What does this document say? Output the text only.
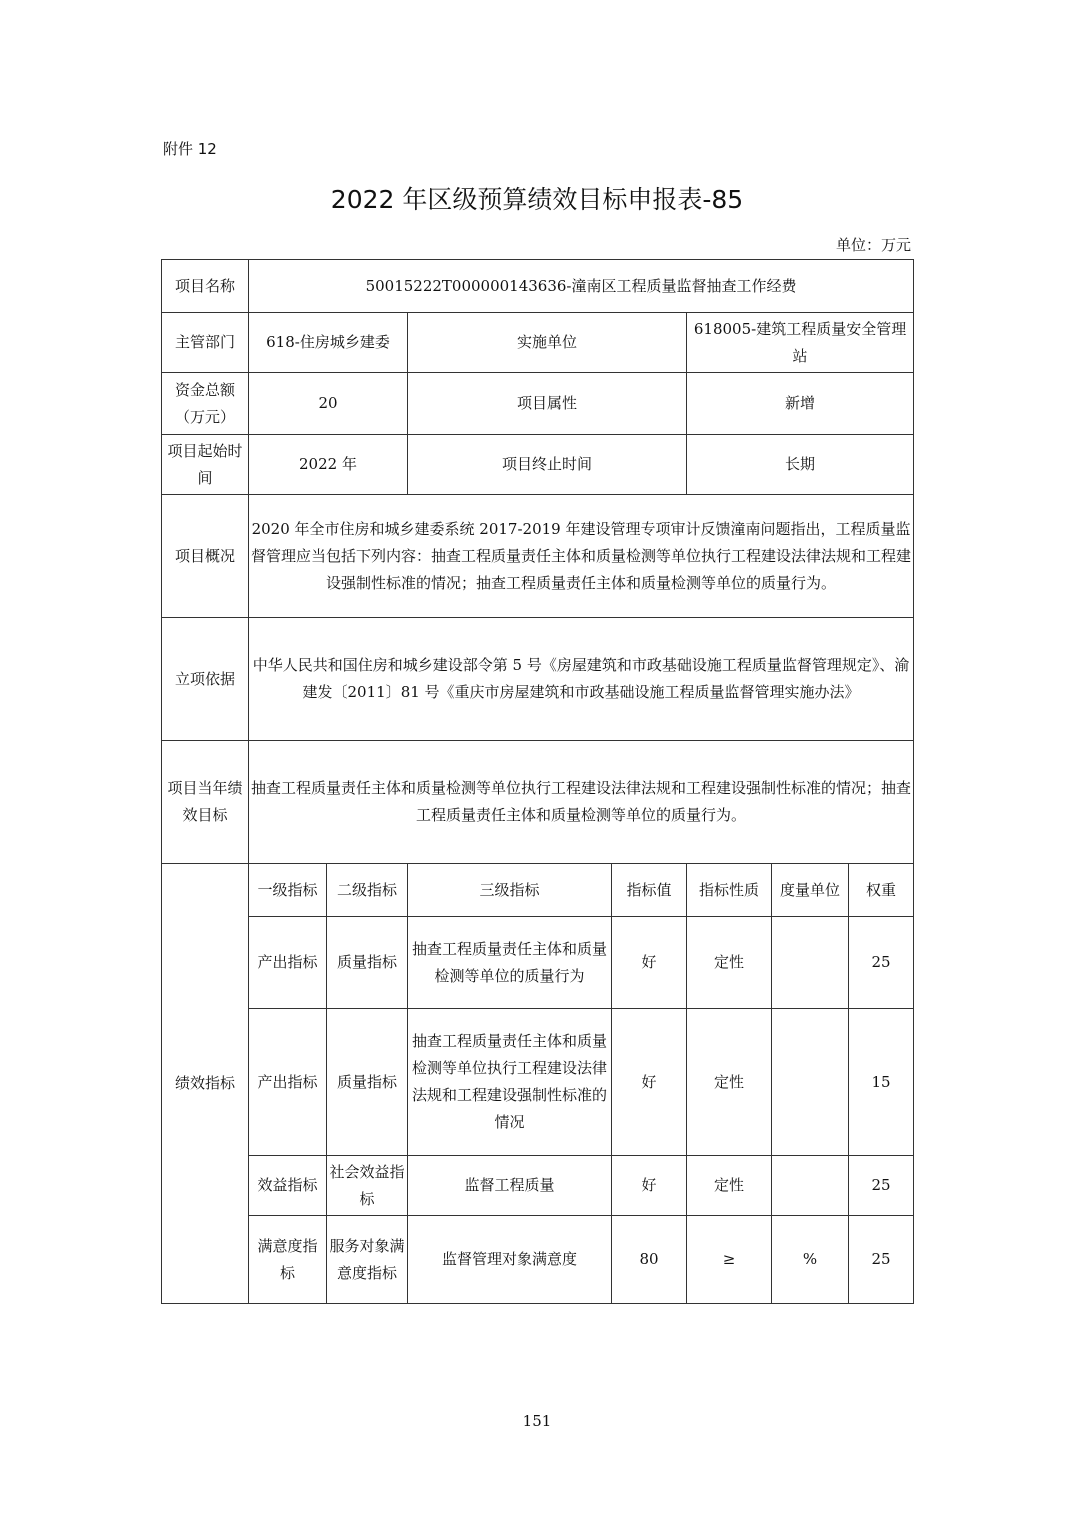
附件 12
2022 年区级预算绩效目标申报表-85
单位：万元
项目名称	50015222T000000143636-潼南区工程质量监督抽查工作经费						
主管部门	618-住房城乡建委		实施单位		618005-建筑工程质量安全管理站		
资金总额（万元）	20		项目属性		新增		
项目起始时间	2022 年		项目终止时间		长期		
项目概况	2020 年全市住房和城乡建委系统 2017-2019 年建设管理专项审计反馈潼南问题指出，工程质量监督管理应当包括下列内容：抽查工程质量责任主体和质量检测等单位执行工程建设法律法规和工程建设强制性标准的情况；抽查工程质量责任主体和质量检测等单位的质量行为。						
立项依据	中华人民共和国住房和城乡建设部令第 5 号《房屋建筑和市政基础设施工程质量监督管理规定》、渝建发〔2011〕81 号《重庆市房屋建筑和市政基础设施工程质量监督管理实施办法》						
项目当年绩效目标	抽查工程质量责任主体和质量检测等单位执行工程建设法律法规和工程建设强制性标准的情况；抽查工程质量责任主体和质量检测等单位的质量行为。						
绩效指标	一级指标	二级指标	三级指标	指标值	指标性质	度量单位	权重
	产出指标	质量指标	抽查工程质量责任主体和质量检测等单位的质量行为	好	定性		25
	产出指标	质量指标	抽查工程质量责任主体和质量检测等单位执行工程建设法律法规和工程建设强制性标准的情况	好	定性		15
	效益指标	社会效益指标	监督工程质量	好	定性		25
	满意度指标	服务对象满意度指标	监督管理对象满意度	80	≥	%	25
151
